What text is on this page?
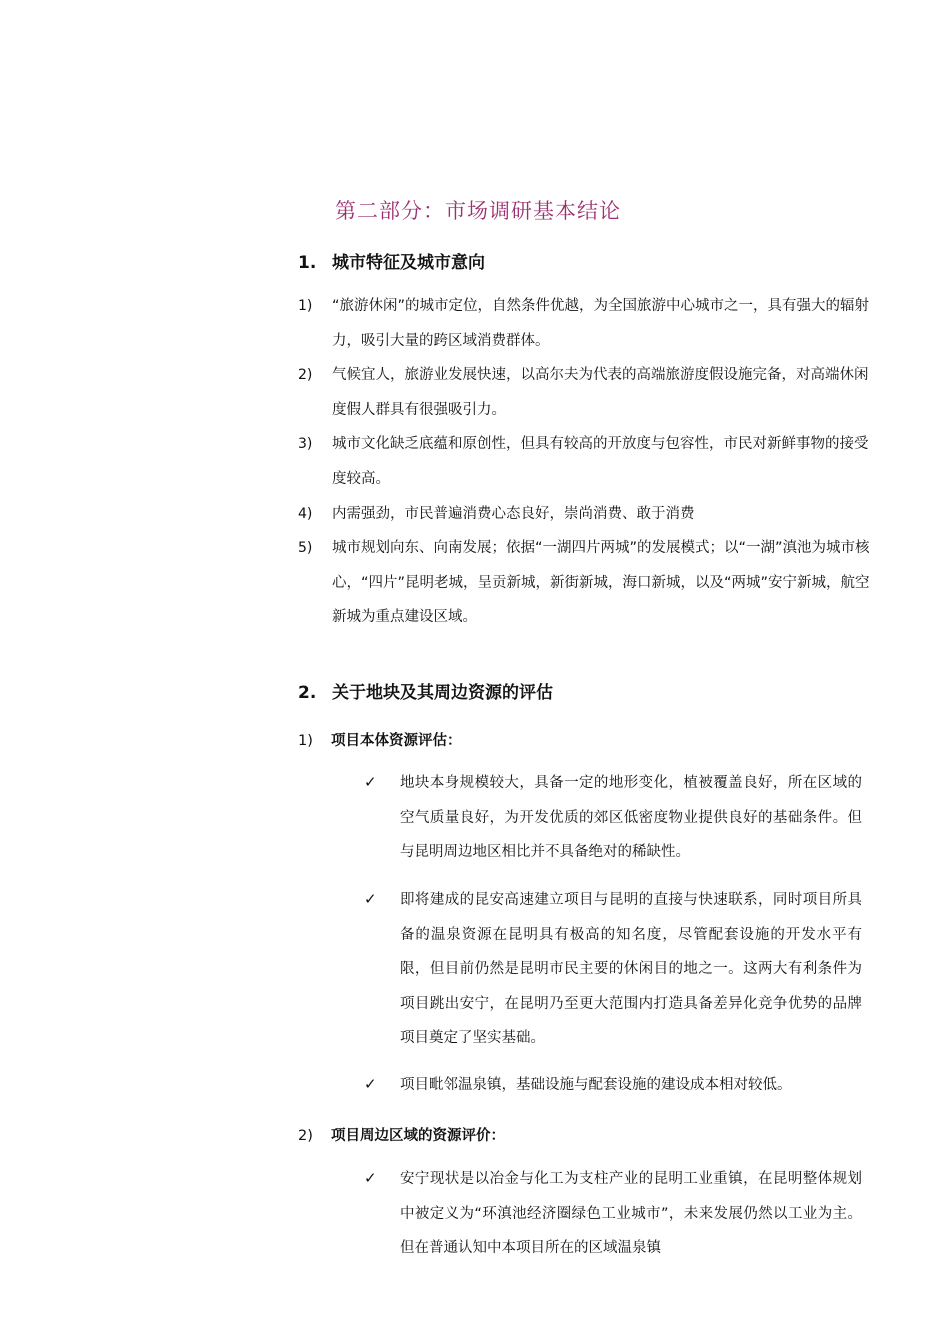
第二部分：市场调研基本结论
1. 城市特征及城市意向
1) “旅游休闲”的城市定位，自然条件优越，为全国旅游中心城市之一，具有强大的辐射力，吸引大量的跨区域消费群体。
2) 气候宜人，旅游业发展快速，以高尔夫为代表的高端旅游度假设施完备，对高端休闲度假人群具有很强吸引力。
3) 城市文化缺乏底蕴和原创性，但具有较高的开放度与包容性，市民对新鲜事物的接受度较高。
4) 内需强劲，市民普遍消费心态良好，崇尚消费、敢于消费
5) 城市规划向东、向南发展；依据“一湖四片两城”的发展模式；以“一湖”滇池为城市核心，“四片”昆明老城，呈贡新城，新街新城，海口新城，以及“两城”安宁新城，航空新城为重点建设区域。
2. 关于地块及其周边资源的评估
1) 项目本体资源评估：
✓ 地块本身规模较大，具备一定的地形变化，植被覆盖良好，所在区域的空气质量良好，为开发优质的郊区低密度物业提供良好的基础条件。但与昆明周边地区相比并不具备绝对的稀缺性。
✓ 即将建成的昆安高速建立项目与昆明的直接与快速联系，同时项目所具备的温泉资源在昆明具有极高的知名度，尽管配套设施的开发水平有限，但目前仍然是昆明市民主要的休闲目的地之一。这两大有利条件为项目跳出安宁，在昆明乃至更大范围内打造具备差异化竞争优势的品牌项目奠定了坚实基础。
✓ 项目毗邻温泉镇，基础设施与配套设施的建设成本相对较低。
2) 项目周边区域的资源评价：
✓ 安宁现状是以冶金与化工为支柱产业的昆明工业重镇，在昆明整体规划中被定义为“环滇池经济圈绿色工业城市”，未来发展仍然以工业为主。但在普通认知中本项目所在的区域温泉镇
